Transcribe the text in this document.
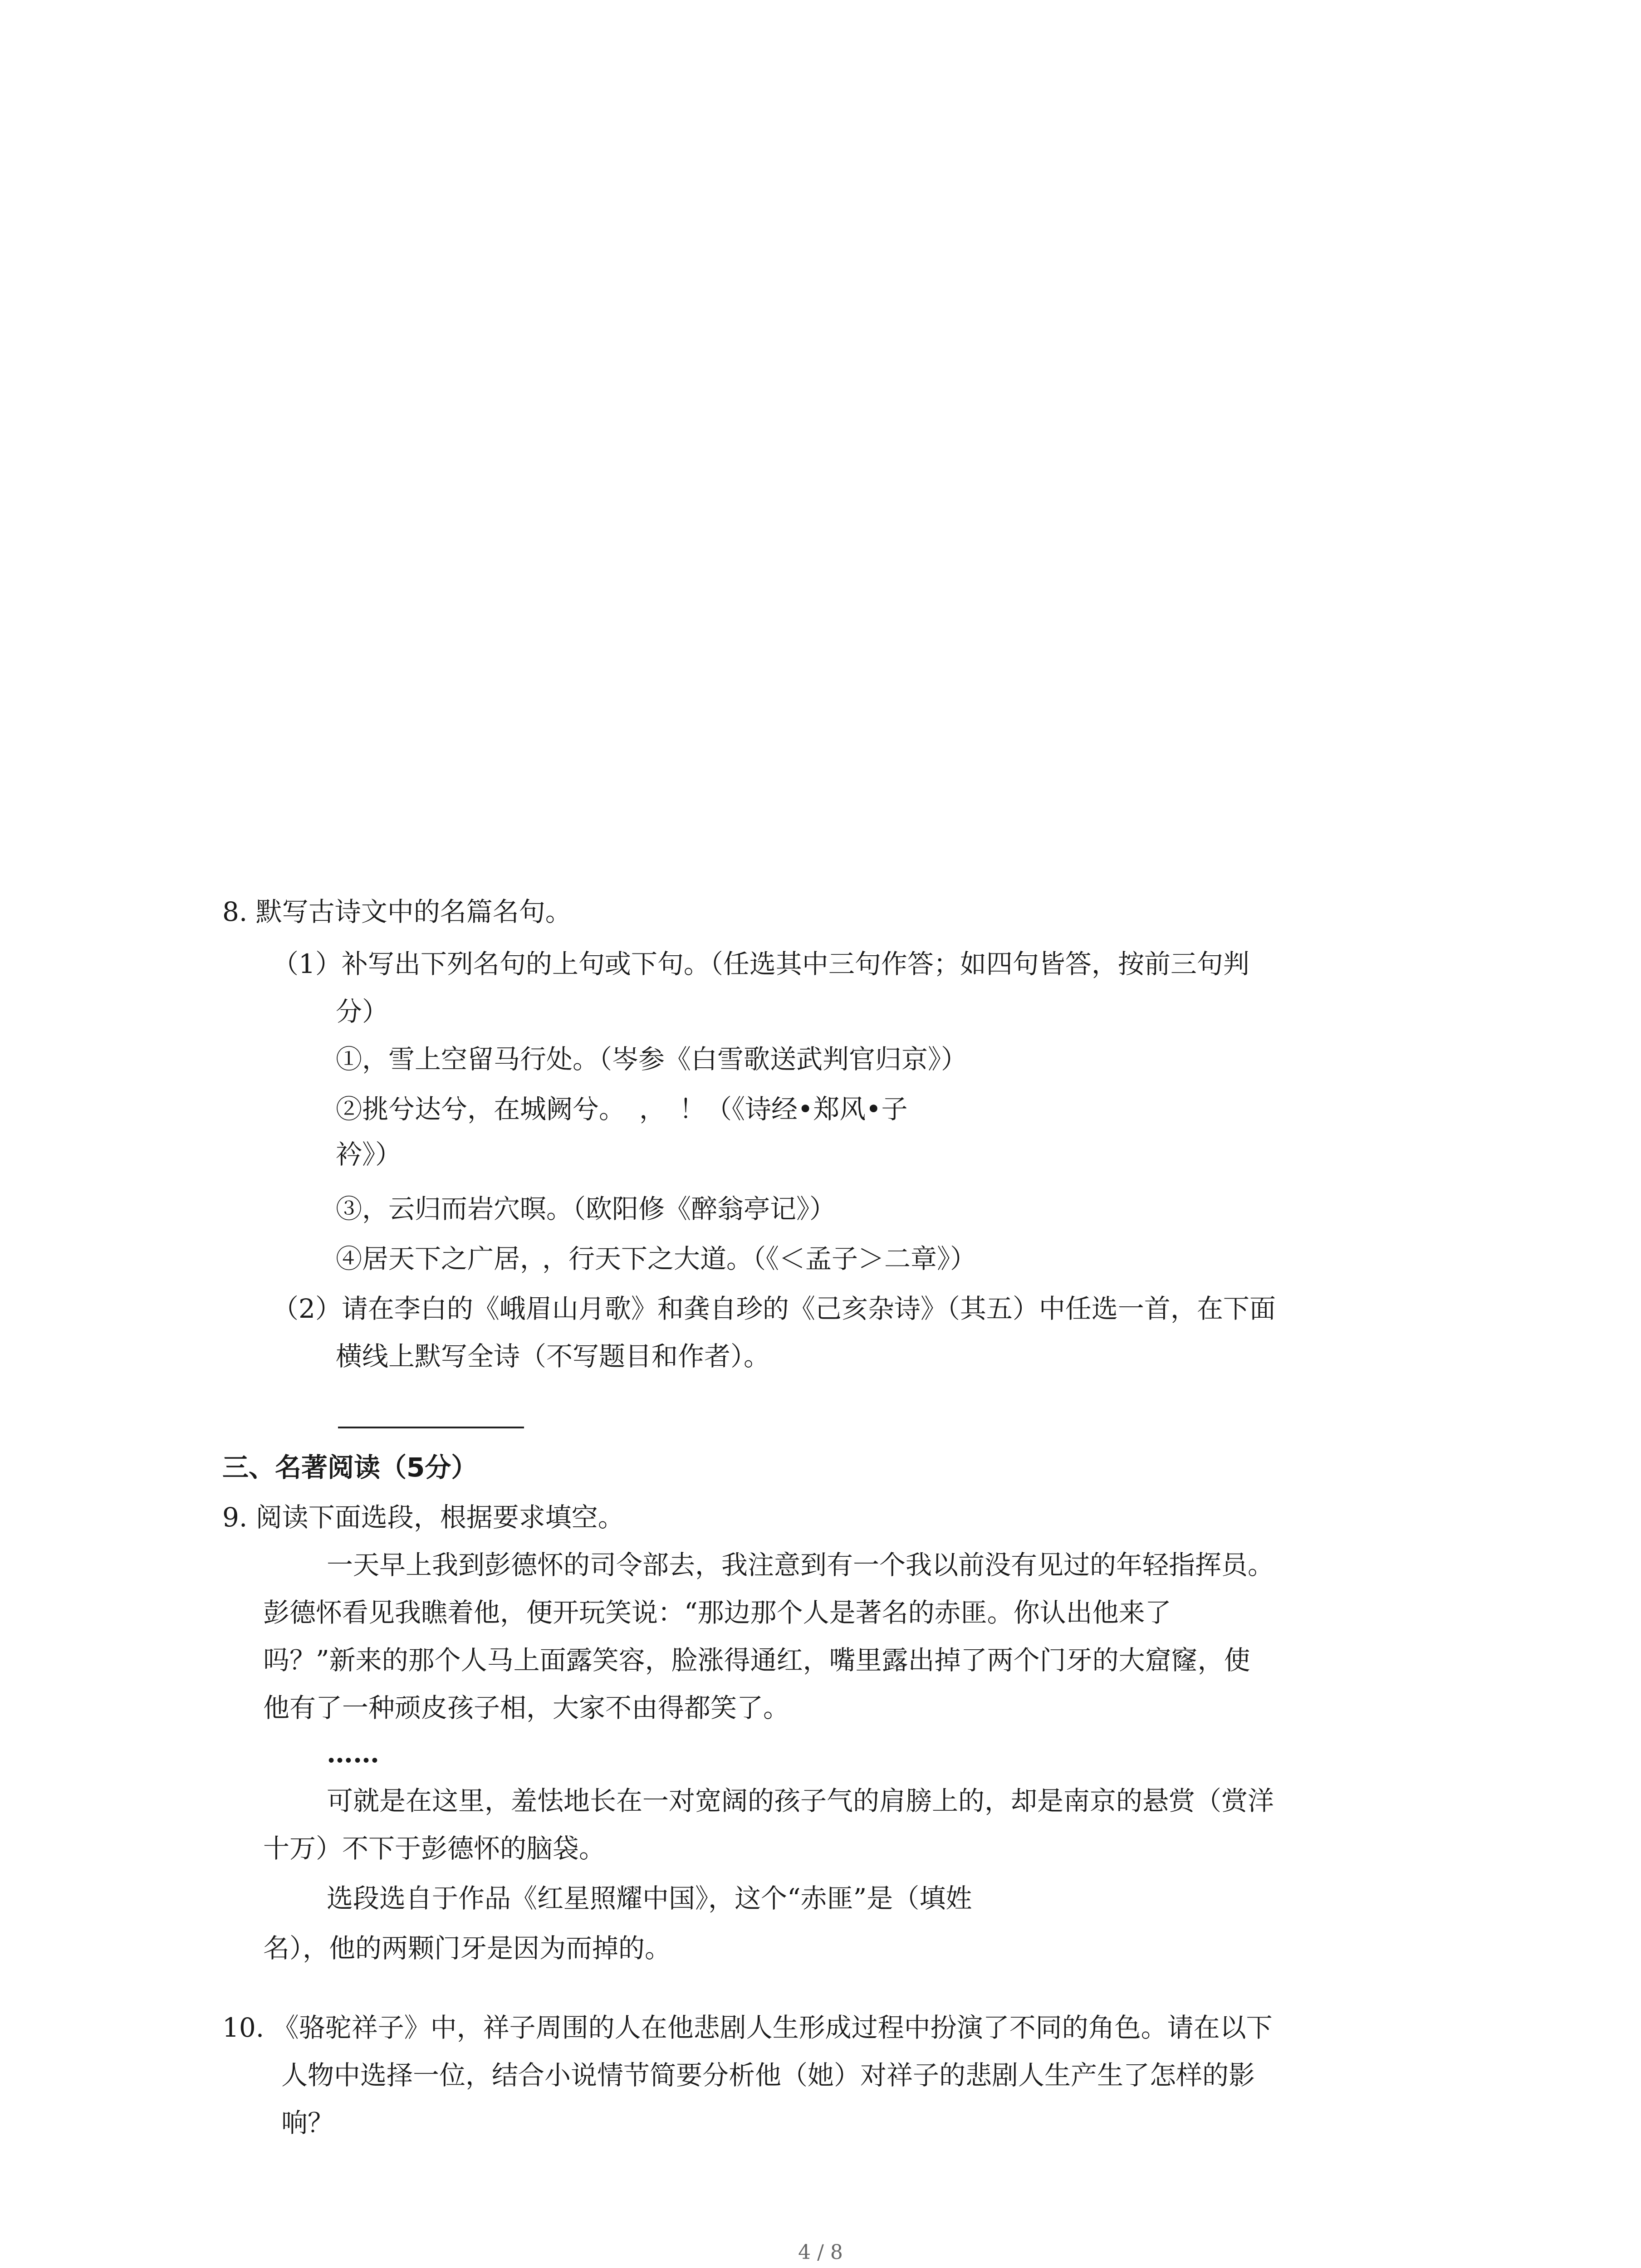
8. 默写古诗文中的名篇名句。
（1）补写出下列名句的上句或下句。（任选其中三句作答；如四句皆答，按前三句判
分）
①，雪上空留马行处。（岑参《白雪歌送武判官归京》）
②挑兮达兮，在城阙兮。 ， ！（《诗经•郑风•子
衿》）
③，云归而岩穴暝。（欧阳修《醉翁亭记》）
④居天下之广居， ，行天下之大道。（《＜孟子＞二章》）
（2）请在李白的《峨眉山月歌》和龚自珍的《己亥杂诗》（其五）中任选一首，在下面
横线上默写全诗（不写题目和作者）。
三、名著阅读（5分）
9. 阅读下面选段，根据要求填空。
一天早上我到彭德怀的司令部去，我注意到有一个我以前没有见过的年轻指挥员。
彭德怀看见我瞧着他，便开玩笑说：“那边那个人是著名的赤匪。你认出他来了
吗？”新来的那个人马上面露笑容，脸涨得通红，嘴里露出掉了两个门牙的大窟窿，使
他有了一种顽皮孩子相，大家不由得都笑了。
……
可就是在这里，羞怯地长在一对宽阔的孩子气的肩膀上的，却是南京的悬赏（赏洋
十万）不下于彭德怀的脑袋。
选段选自于作品《红星照耀中国》，这个“赤匪”是（填姓
名），他的两颗门牙是因为而掉的。
10. 《骆驼祥子》中，祥子周围的人在他悲剧人生形成过程中扮演了不同的角色。请在以下
人物中选择一位，结合小说情节简要分析他（她）对祥子的悲剧人生产生了怎样的影
响？
4 / 8
